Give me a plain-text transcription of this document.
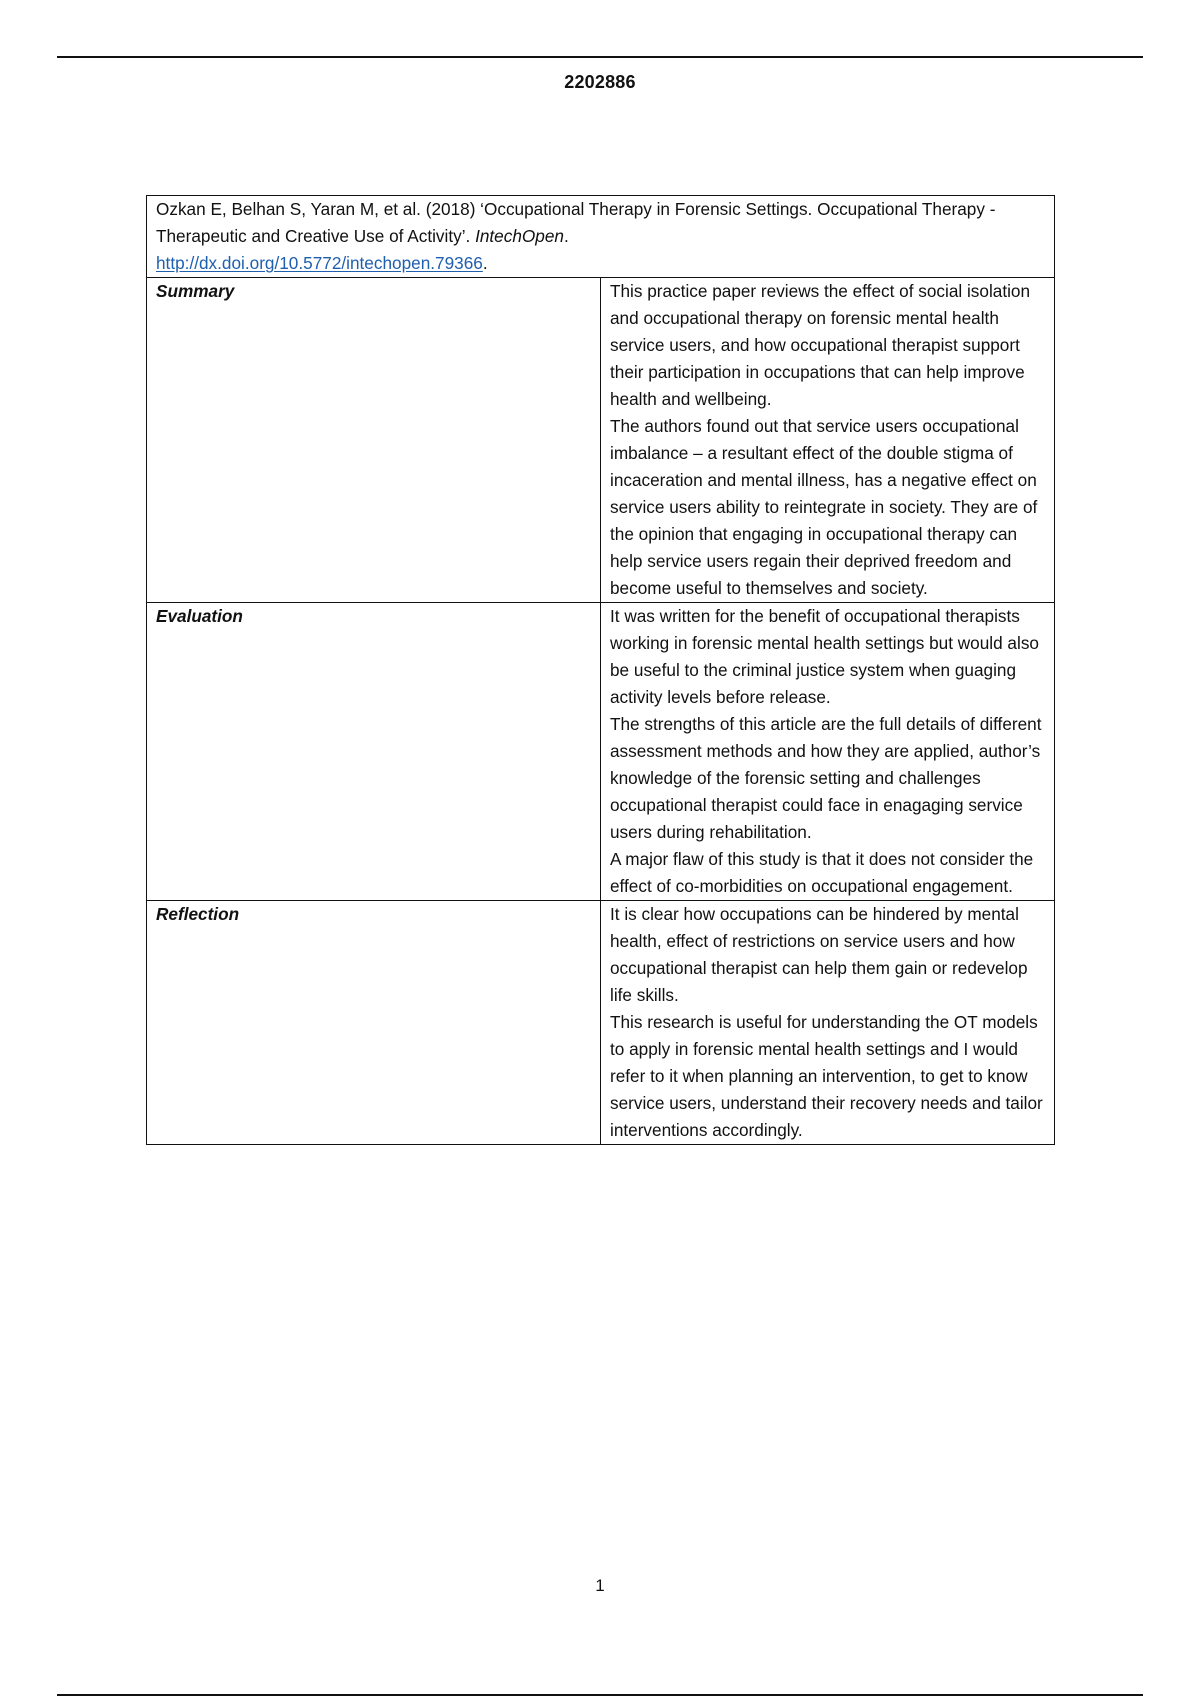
2202886
Ozkan E, Belhan S, Yaran M, et al. (2018) ‘Occupational Therapy in Forensic Settings. Occupational Therapy - Therapeutic and Creative Use of Activity’. IntechOpen.
http://dx.doi.org/10.5772/intechopen.79366.	
Summary	This practice paper reviews the effect of social isolation and occupational therapy on forensic mental health service users, and how occupational therapist support their participation in occupations that can help improve health and wellbeing.
The authors found out that service users occupational imbalance – a resultant effect of the double stigma of incaceration and mental illness, has a negative effect on service users ability to reintegrate in society. They are of the opinion that engaging in occupational therapy can help service users regain their deprived freedom and become useful to themselves and society.

Evaluation	It was written for the benefit of occupational therapists working in forensic mental health settings but would also be useful to the criminal justice system when guaging activity levels before release.
The strengths of this article are the full details of different assessment methods and how they are applied, author’s knowledge of the forensic setting and challenges occupational therapist could face in enagaging service users during rehabilitation.
A major flaw of this study is that it does not consider the effect of co-morbidities on occupational engagement.

Reflection	It is clear how occupations can be hindered by mental health, effect of restrictions on service users and how occupational therapist can help them gain or redevelop life skills.
This research is useful for understanding the OT models to apply in forensic mental health settings and I would refer to it when planning an intervention, to get to know service users, understand their recovery needs and tailor interventions accordingly.
1
